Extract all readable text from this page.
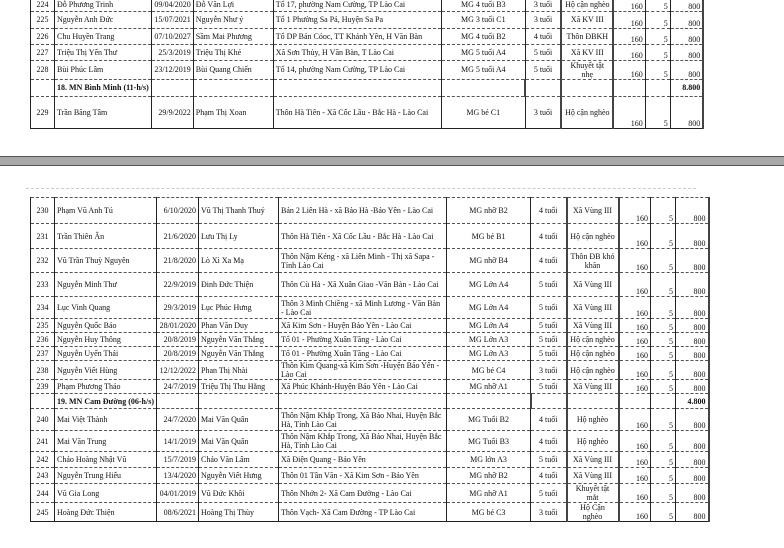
224	Đỗ Phương Trinh	09/04/2020	Đỗ Văn Lợi	Tổ 17, phường Nam Cường, TP Lào Cai	MG 4 tuổi B3	3 tuổi	Hộ cận nghèo	160	5	800
225	Nguyễn Anh Đức	15/07/2021	Nguyễn Như ý	Tổ 1 Phường Sa Pả, Huyện Sa Pa	MG 3 tuổi C1	3 tuổi	Xã KV III	160	5	800
226	Chu Huyền Trang	07/10/2027	Sầm Mai Phương	Tổ DP Bản Cóoc, TT Khánh Yên, H Văn Bàn	MG 4 tuổi B2	4 tuổi	Thôn ĐBKH	160	5	800
227	Triệu Thị Yến Thư	25/3/2019	Triệu Thị Khé	Xã Sơn Thủy, H Văn Bàn, T Lào Cai	MG 5 tuổi A4	5 tuổi	Xã KV III	160	5	800
228	Bùi Phúc Lâm	23/12/2019	Bùi Quang Chiến	Tổ 14, phường Nam Cường, TP Lào Cai	MG 5 tuổi A4	5 tuổi	Khuyết tật nhẹ	160	5	800
	18. MN Bình Minh (11-h/s)									8.800
229	Trần Băng Tâm	29/9/2022	Phạm Thị Xoan	Thôn Hà Tiên - Xã Cốc Lầu - Bắc Hà - Lào Cai	MG bé C1	3 tuổi	Hộ cận nghèo	160	5	800
230	Phạm Vũ Anh Tú	6/10/2020	Vũ Thị Thanh Thuý	Bản 2 Liên Hà - xã Bảo Hà -Bảo Yên - Lào Cai	MG nhỡ B2	4 tuổi	Xã Vùng III	160	5	800
231	Trần Thiên Ân	21/6/2020	Lưu Thị Ly	Thôn Hà Tiên - Xã Cốc Lầu - Bắc Hà - Lào Cai	MG bé B1	4 tuổi	Hộ cận nghèo	160	5	800
232	Vũ Trần Thuỳ Nguyên	21/8/2020	Lò Xì Xa Mạ	Thôn Nậm Kéng - xã Liên Minh - Thị xã Sapa - Tỉnh Lào Cai	MG nhỡ B4	4 tuổi	Thôn ĐB khó khăn	160	5	800
233	Nguyễn Minh Thư	22/9/2019	Đinh Đức Thiện	Thôn Cù Hà - Xã Xuân Giao -Văn Bàn - Lào Cai	MG Lớn A4	5 tuổi	Xã Vùng III	160	5	800
234	Lục Vinh Quang	29/3/2019	Lục Phúc Hưng	Thôn 3 Minh Chiềng - xã Minh Lương - Văn Bàn - Lào Cai	MG Lớn A4	5 tuổi	Xã Vùng III	160	5	800
235	Nguyễn Quốc Bảo	28/01/2020	Phan Văn Duy	Xã Kim Sơn - Huyện Bảo Yên - Lào Cai	MG Lớn A4	5 tuổi	Xã Vùng III	160	5	800
236	Nguyễn Huy Thông	20/8/2019	Nguyễn Văn Thắng	Tổ 01 - Phường Xuân Tăng - Lào Cai	MG Lớn A3	5 tuổi	Hộ cận nghèo	160	5	800
237	Nguyễn Uyển Thái	20/8/2019	Nguyễn Văn Thắng	Tổ 01 - Phường Xuân Tăng - Lào Cai	MG Lớn A3	5 tuổi	Hộ cận nghèo	160	5	800
238	Nguyễn Viết Hùng	12/12/2022	Phan Thị Nhài	Thôn Kim Quang-xã Kim Sơn -Huyện Bảo Yên - Lào Cai	MG bé C4	3 tuổi	Hộ cận nghèo	160	5	800
239	Phạm Phương Thảo	24/7/2019	Triệu Thị Thu Hằng	Xã Phúc Khánh-Huyện Bảo Yên - Lào Cai	MG nhỡ A1	5 tuổi	Xã Vùng III	160	5	800
	19. MN Cam Đường (06-h/s)									4.800
240	Mai Việt Thành	24/7/2020	Mai Văn Quân	Thôn Nậm Khắp Trong, Xã Bảo Nhai, Huyện Bắc Hà, Tỉnh Lào Cai	MG Tuổi B2	4 tuổi	Hộ nghèo	160	5	800
241	Mai Văn Trung	14/1/2019	Mai Văn Quân	Thôn Nậm Khắp Trong, Xã Bảo Nhai, Huyện Bắc Hà, Tỉnh Lào Cai	MG Tuổi B3	4 tuổi	Hộ nghèo	160	5	800
242	Chảo Hoàng Nhật Vũ	15/7/2019	Chảo Văn Lâm	Xã Điện Quang - Bảo Yên	MG lớn A3	5 tuổi	Xã Vùng III	160	5	800
243	Nguyễn Trung Hiếu	13/4/2020	Nguyễn Viết Hưng	Thôn 01 Tân Văn - Xã Kim Sơn - Bảo Yên	MG nhỡ B2	4 tuổi	Xã Vùng III	160	5	800
244	Vũ Gia Long	04/01/2019	Vũ Đức Khôi	Thôn Nhớn 2- Xã Cam Đường - Lào Cai	MG nhỡ A1	5 tuổi	Khuyết tật mắt	160	5	800
245	Hoàng Đức Thiện	08/6/2021	Hoàng Thị Thùy	Thôn Vạch- Xã Cam Đường - TP Lào Cai	MG bé C3	3 tuổi	Hộ Cận nghèo	160	5	800
